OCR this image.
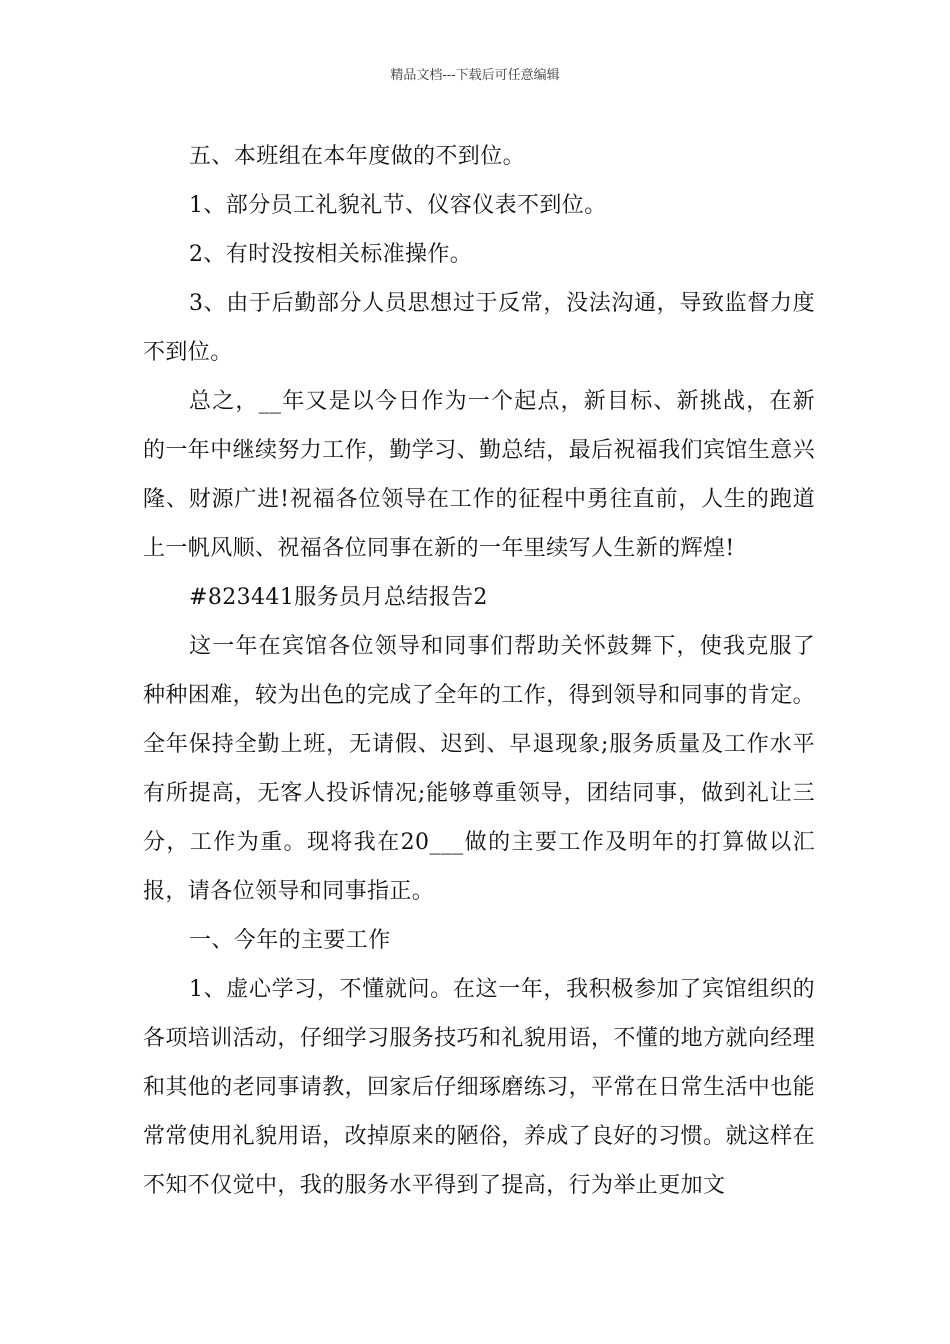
精品文档---下载后可任意编辑

五、本班组在本年度做的不到位。

1、部分员工礼貌礼节、仪容仪表不到位。

2、有时没按相关标准操作。

3、由于后勤部分人员思想过于反常，没法沟通，导致监督力度不到位。

总之，__年又是以今日作为一个起点，新目标、新挑战，在新的一年中继续努力工作，勤学习、勤总结，最后祝福我们宾馆生意兴隆、财源广进!祝福各位领导在工作的征程中勇往直前，人生的跑道上一帆风顺、祝福各位同事在新的一年里续写人生新的辉煌!

#823441服务员月总结报告2

这一年在宾馆各位领导和同事们帮助关怀鼓舞下，使我克服了种种困难，较为出色的完成了全年的工作，得到领导和同事的肯定。全年保持全勤上班，无请假、迟到、早退现象;服务质量及工作水平有所提高，无客人投诉情况;能够尊重领导，团结同事，做到礼让三分，工作为重。现将我在20___做的主要工作及明年的打算做以汇报，请各位领导和同事指正。

一、今年的主要工作

1、虚心学习，不懂就问。在这一年，我积极参加了宾馆组织的各项培训活动，仔细学习服务技巧和礼貌用语，不懂的地方就向经理和其他的老同事请教，回家后仔细琢磨练习，平常在日常生活中也能常常使用礼貌用语，改掉原来的陋俗，养成了良好的习惯。就这样在不知不仅觉中，我的服务水平得到了提高，行为举止更加文
